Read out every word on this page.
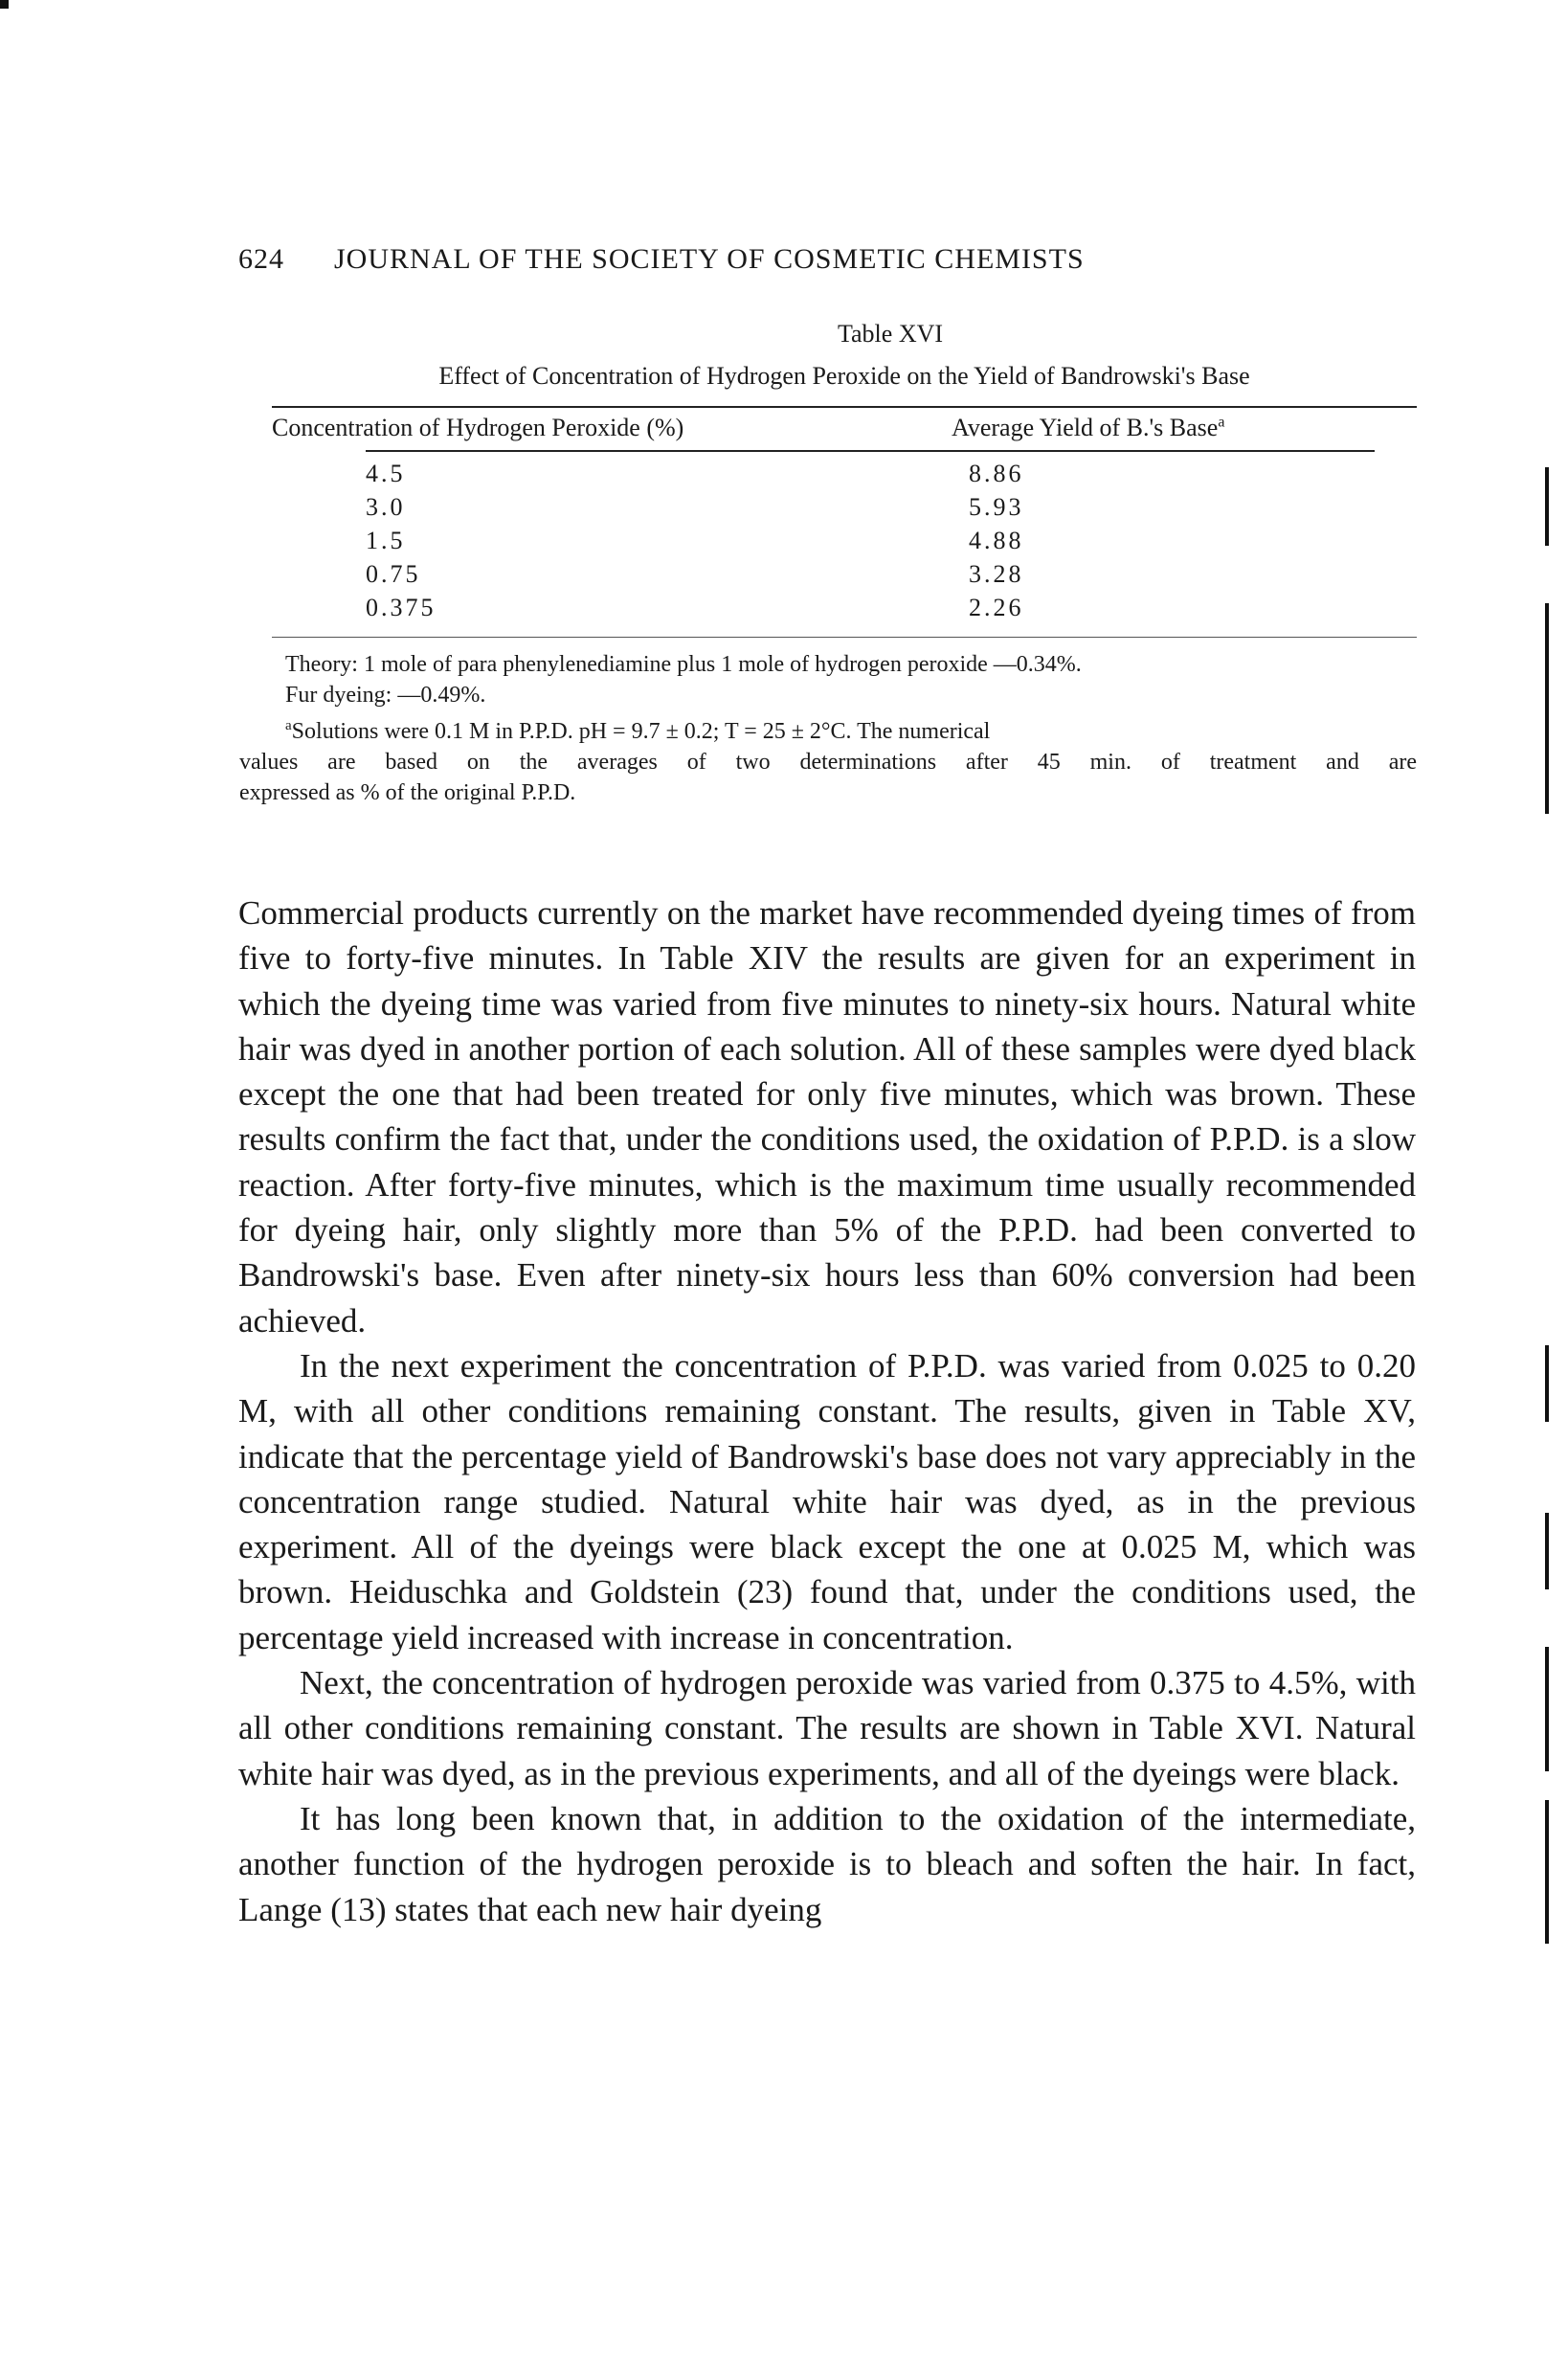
624 JOURNAL OF THE SOCIETY OF COSMETIC CHEMISTS
Table XVI
Effect of Concentration of Hydrogen Peroxide on the Yield of Bandrowski's Base
Concentration of Hydrogen Peroxide (%)	Average Yield of B.'s Base$^a$
4.5	8.86
3.0	5.93
1.5	4.88
0.75	3.28
0.375	2.26
Theory: 1 mole of para phenylenediamine plus 1 mole of hydrogen peroxide —0.34%.
Fur dyeing: —0.49%.
$^a$Solutions were 0.1 M in P.P.D. pH = 9.7 ± 0.2; T = 25 ± 2°C. The numerical
values are based on the averages of two determinations after 45 min. of treatment and are
expressed as % of the original P.P.D.

Commercial products currently on the market have recommended dyeing times of from five to forty-five minutes. In Table XIV the results are given for an experiment in which the dyeing time was varied from five minutes to ninety-six hours. Natural white hair was dyed in another portion of each solution. All of these samples were dyed black except the one that had been treated for only five minutes, which was brown. These results confirm the fact that, under the conditions used, the oxidation of P.P.D. is a slow reaction. After forty-five minutes, which is the maximum time usually recommended for dyeing hair, only slightly more than 5% of the P.P.D. had been converted to Bandrowski's base. Even after ninety-six hours less than 60% conversion had been achieved.

In the next experiment the concentration of P.P.D. was varied from 0.025 to 0.20 M, with all other conditions remaining constant. The results, given in Table XV, indicate that the percentage yield of Bandrowski's base does not vary appreciably in the concentration range studied. Natural white hair was dyed, as in the previous experiment. All of the dyeings were black except the one at 0.025 M, which was brown. Heiduschka and Goldstein (23) found that, under the conditions used, the percentage yield increased with increase in concentration.

Next, the concentration of hydrogen peroxide was varied from 0.375 to 4.5%, with all other conditions remaining constant. The results are shown in Table XVI. Natural white hair was dyed, as in the previous experiments, and all of the dyeings were black.

It has long been known that, in addition to the oxidation of the intermediate, another function of the hydrogen peroxide is to bleach and soften the hair. In fact, Lange (13) states that each new hair dyeing
